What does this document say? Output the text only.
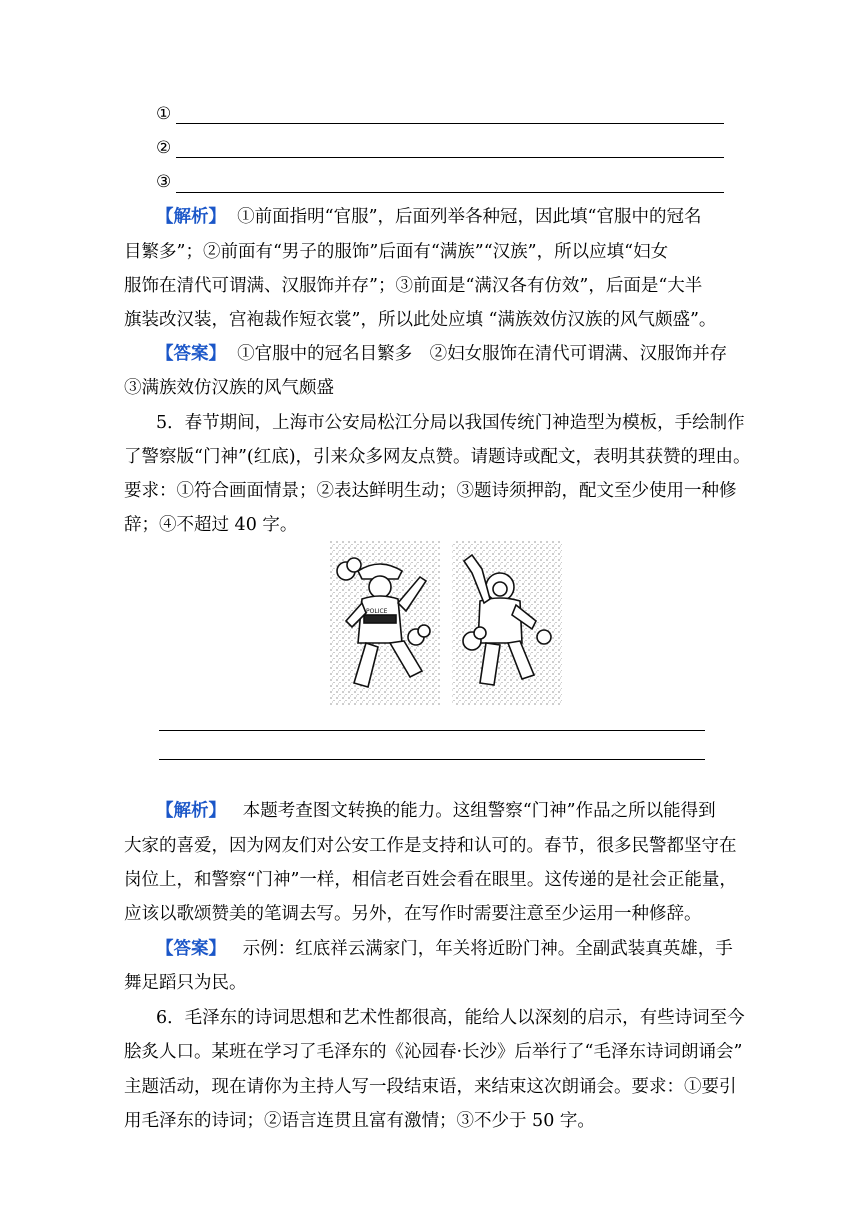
①
②
③
【解析】 ①前面指明“官服”，后面列举各种冠，因此填“官服中的冠名
目繁多”；②前面有“男子的服饰”后面有“满族”“汉族”，所以应填“妇女
服饰在清代可谓满、汉服饰并存”；③前面是“满汉各有仿效”，后面是“大半
旗装改汉装，宫袍裁作短衣裳”，所以此处应填 “满族效仿汉族的风气颇盛”。
【答案】 ①官服中的冠名目繁多　②妇女服饰在清代可谓满、汉服饰并存
③满族效仿汉族的风气颇盛
5．春节期间，上海市公安局松江分局以我国传统门神造型为模板，手绘制作
了警察版“门神”(红底)，引来众多网友点赞。请题诗或配文，表明其获赞的理由。
要求：①符合画面情景；②表达鲜明生动；③题诗须押韵，配文至少使用一种修
辞；④不超过 40 字。
POLICE
【解析】 本题考查图文转换的能力。这组警察“门神”作品之所以能得到
大家的喜爱，因为网友们对公安工作是支持和认可的。春节，很多民警都坚守在
岗位上，和警察“门神”一样，相信老百姓会看在眼里。这传递的是社会正能量，
应该以歌颂赞美的笔调去写。另外，在写作时需要注意至少运用一种修辞。
【答案】 示例：红底祥云满家门，年关将近盼门神。全副武装真英雄，手
舞足蹈只为民。
6．毛泽东的诗词思想和艺术性都很高，能给人以深刻的启示，有些诗词至今
脍炙人口。某班在学习了毛泽东的《沁园春·长沙》后举行了“毛泽东诗词朗诵会”
主题活动，现在请你为主持人写一段结束语，来结束这次朗诵会。要求：①要引
用毛泽东的诗词；②语言连贯且富有激情；③不少于 50 字。
